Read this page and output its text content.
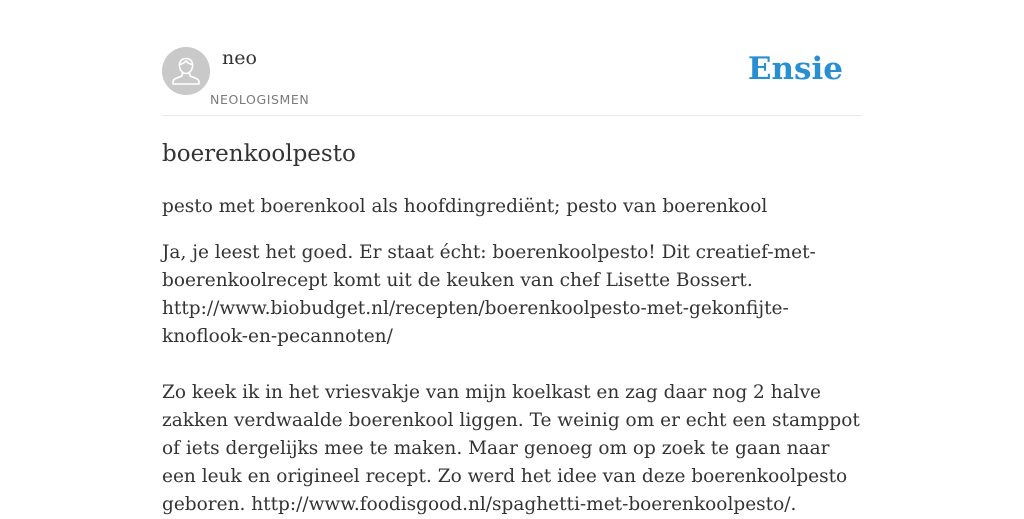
neo
NEOLOGISMEN
Ensie
boerenkoolpesto

pesto met boerenkool als hoofdingrediënt; pesto van boerenkool

Ja, je leest het goed. Er staat écht: boerenkoolpesto! Dit creatief-met-boerenkoolrecept komt uit de keuken van chef Lisette Bossert. http://www.biobudget.nl/recepten/boerenkoolpesto-met-gekonfijte-knoflook-en-pecannoten/

Zo keek ik in het vriesvakje van mijn koelkast en zag daar nog 2 halve zakken verdwaalde boerenkool liggen. Te weinig om er echt een stamppot of iets dergelijks mee te maken. Maar genoeg om op zoek te gaan naar een leuk en origineel recept. Zo werd het idee van deze boerenkoolpesto geboren. http://www.foodisgood.nl/spaghetti-met-boerenkoolpesto/.
